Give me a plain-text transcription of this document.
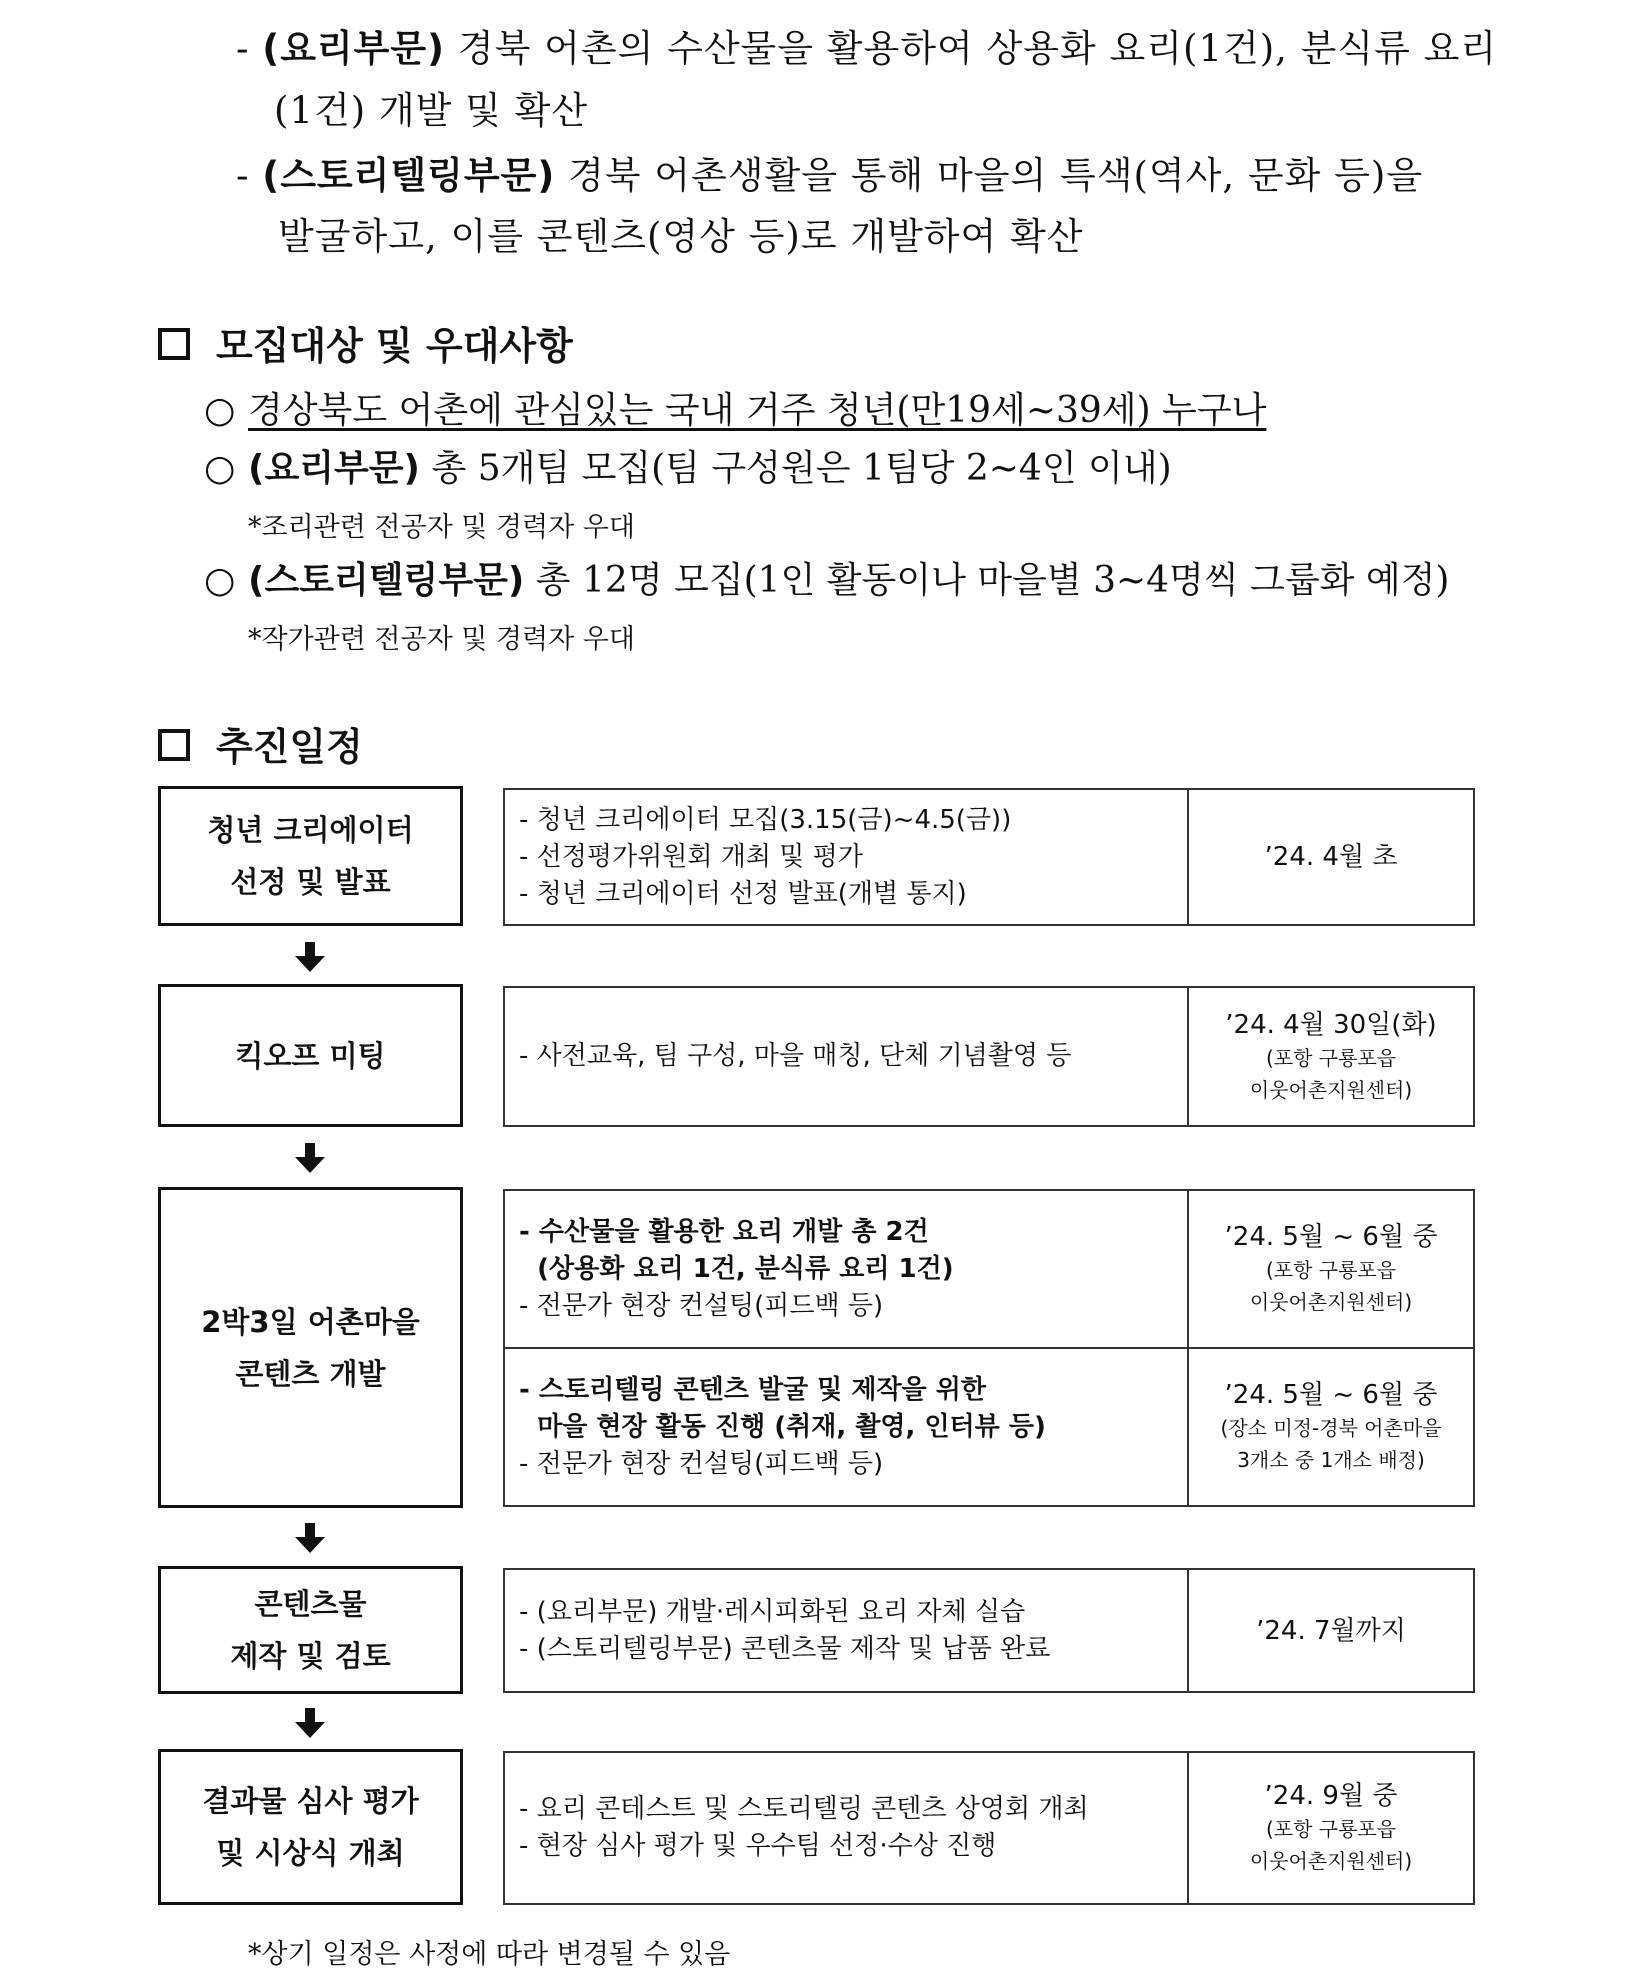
- (요리부문) 경북 어촌의 수산물을 활용하여 상용화 요리(1건), 분식류 요리
(1건) 개발 및 확산
- (스토리텔링부문) 경북 어촌생활을 통해 마을의 특색(역사, 문화 등)을
발굴하고, 이를 콘텐츠(영상 등)로 개발하여 확산
모집대상 및 우대사항
○ 경상북도 어촌에 관심있는 국내 거주 청년(만19세~39세) 누구나
○ (요리부문) 총 5개팀 모집(팀 구성원은 1팀당 2~4인 이내)
*조리관련 전공자 및 경력자 우대
○ (스토리텔링부문) 총 12명 모집(1인 활동이나 마을별 3~4명씩 그룹화 예정)
*작가관련 전공자 및 경력자 우대
추진일정
청년 크리에이터
선정 및 발표
- 청년 크리에이터 모집(3.15(금)~4.5(금))
- 선정평가위원회 개최 및 평가
- 청년 크리에이터 선정 발표(개별 통지)
’24. 4월 초
킥오프 미팅	- 사전교육, 팀 구성, 마을 매칭, 단체 기념촬영 등
’24. 4월 30일(화)
(포항 구룡포읍
이웃어촌지원센터)
2박3일 어촌마을
콘텐츠 개발
- 수산물을 활용한 요리 개발 총 2건
(상용화 요리 1건, 분식류 요리 1건)
- 전문가 현장 컨설팅(피드백 등)
’24. 5월 ~ 6월 중
(포항 구룡포읍
이웃어촌지원센터)
- 스토리텔링 콘텐츠 발굴 및 제작을 위한
마을 현장 활동 진행 (취재, 촬영, 인터뷰 등)
- 전문가 현장 컨설팅(피드백 등)
’24. 5월 ~ 6월 중
(장소 미정-경북 어촌마을
3개소 중 1개소 배정)
콘텐츠물
제작 및 검토
- (요리부문) 개발·레시피화된 요리 자체 실습
- (스토리텔링부문) 콘텐츠물 제작 및 납품 완료
’24. 7월까지
결과물 심사 평가
및 시상식 개최
- 요리 콘테스트 및 스토리텔링 콘텐츠 상영회 개최
- 현장 심사 평가 및 우수팀 선정·수상 진행
’24. 9월 중
(포항 구룡포읍
이웃어촌지원센터)
*상기 일정은 사정에 따라 변경될 수 있음
